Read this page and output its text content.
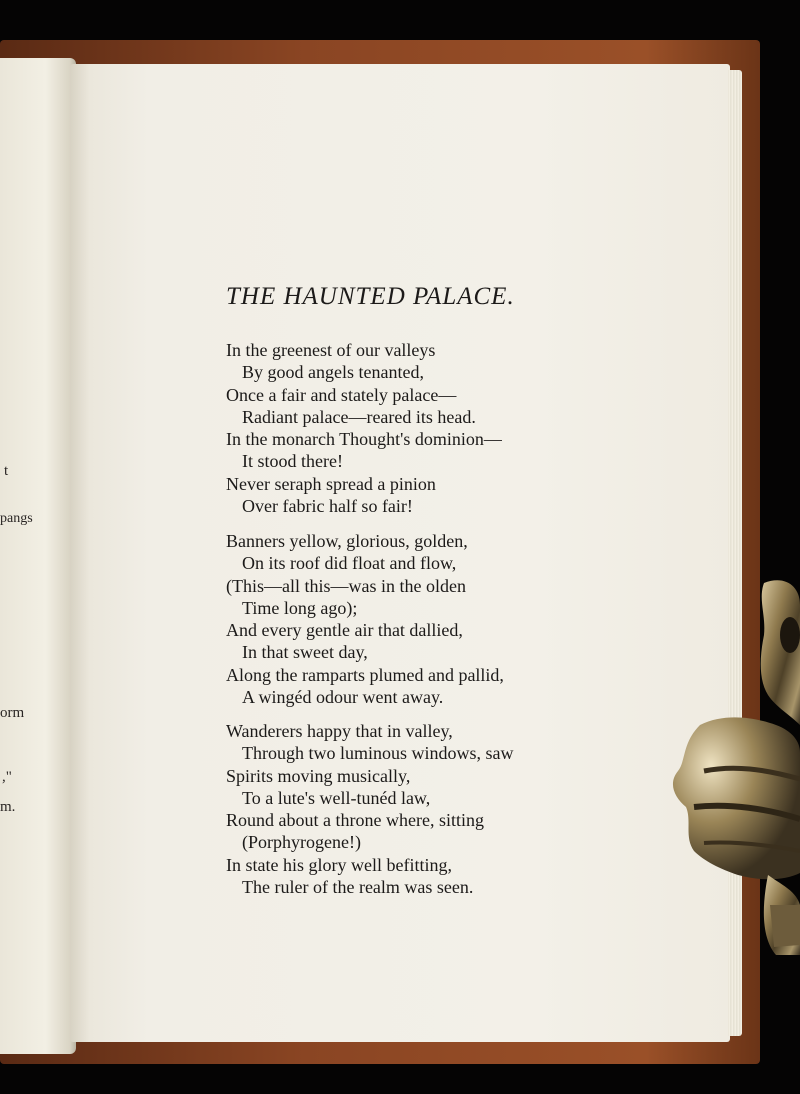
t
pangs
orm
,"
m.
THE HAUNTED PALACE.
In the greenest of our valleys
By good angels tenanted,
Once a fair and stately palace—
Radiant palace—reared its head.
In the monarch Thought's dominion—
It stood there!
Never seraph spread a pinion
Over fabric half so fair!
Banners yellow, glorious, golden,
On its roof did float and flow,
(This—all this—was in the olden
Time long ago);
And every gentle air that dallied,
In that sweet day,
Along the ramparts plumed and pallid,
A wingéd odour went away.
Wanderers happy that in valley,
Through two luminous windows, saw
Spirits moving musically,
To a lute's well-tunéd law,
Round about a throne where, sitting
(Porphyrogene!)
In state his glory well befitting,
The ruler of the realm was seen.
